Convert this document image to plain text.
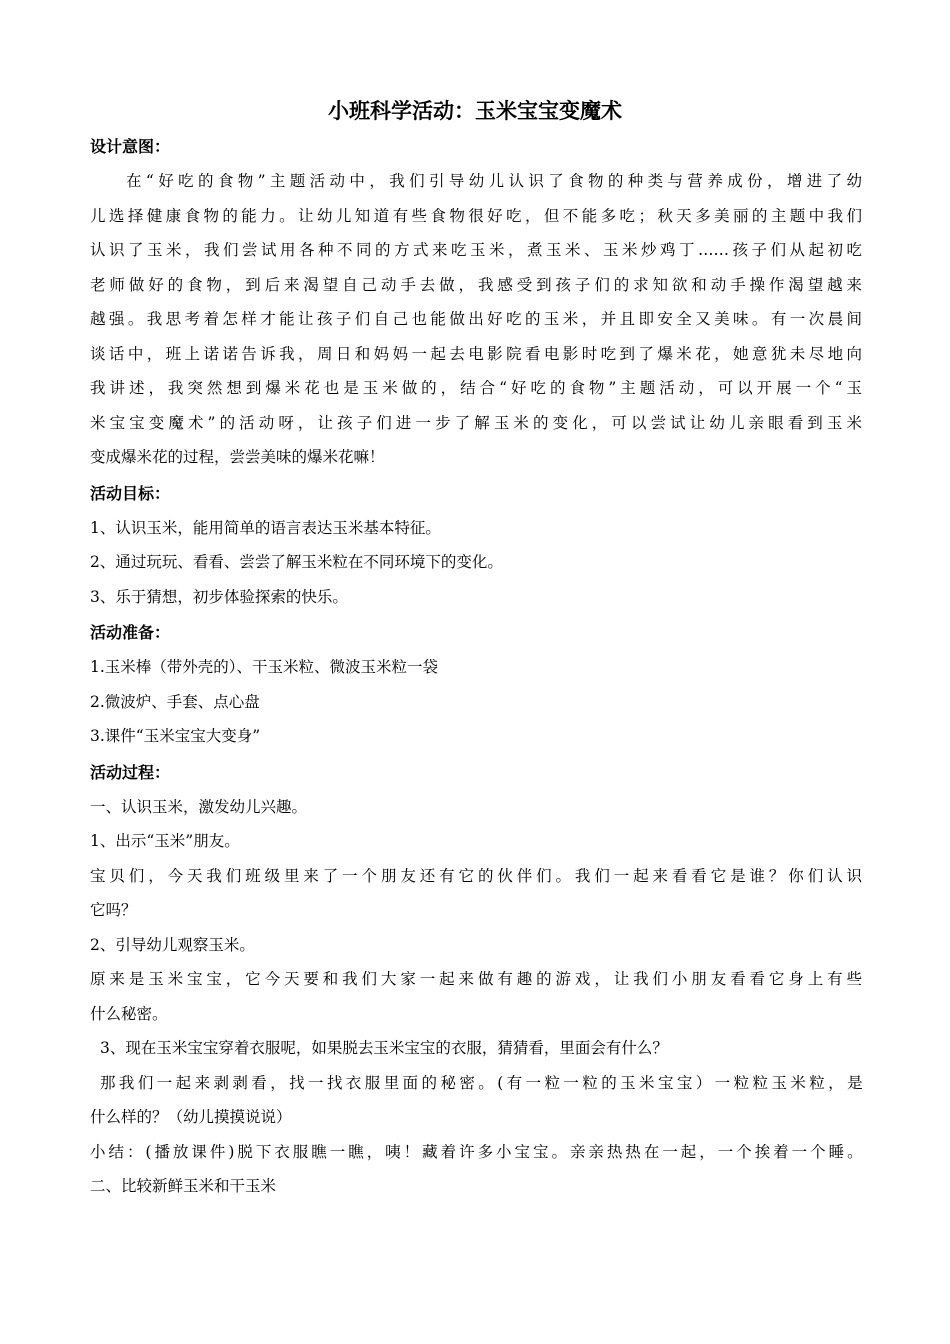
小班科学活动：玉米宝宝变魔术
设计意图：
在“好吃的食物”主题活动中，我们引导幼儿认识了食物的种类与营养成份，增进了幼
儿选择健康食物的能力。让幼儿知道有些食物很好吃，但不能多吃；秋天多美丽的主题中我们
认识了玉米，我们尝试用各种不同的方式来吃玉米，煮玉米、玉米炒鸡丁……孩子们从起初吃
老师做好的食物，到后来渴望自己动手去做，我感受到孩子们的求知欲和动手操作渴望越来
越强。我思考着怎样才能让孩子们自己也能做出好吃的玉米，并且即安全又美味。有一次晨间
谈话中，班上诺诺告诉我，周日和妈妈一起去电影院看电影时吃到了爆米花，她意犹未尽地向
我讲述，我突然想到爆米花也是玉米做的，结合“好吃的食物”主题活动，可以开展一个“玉
米宝宝变魔术”的活动呀，让孩子们进一步了解玉米的变化，可以尝试让幼儿亲眼看到玉米
变成爆米花的过程，尝尝美味的爆米花嘛！
活动目标：
1、认识玉米，能用简单的语言表达玉米基本特征。
2、通过玩玩、看看、尝尝了解玉米粒在不同环境下的变化。
3、乐于猜想，初步体验探索的快乐。
活动准备：
1.玉米棒（带外壳的）、干玉米粒、微波玉米粒一袋
2.微波炉、手套、点心盘
3.课件“玉米宝宝大变身”
活动过程：
一、认识玉米，激发幼儿兴趣。
1、出示“玉米”朋友。
宝贝们，今天我们班级里来了一个朋友还有它的伙伴们。我们一起来看看它是谁？你们认识
它吗？
2、引导幼儿观察玉米。
原来是玉米宝宝，它今天要和我们大家一起来做有趣的游戏，让我们小朋友看看它身上有些
什么秘密。
3、现在玉米宝宝穿着衣服呢，如果脱去玉米宝宝的衣服，猜猜看，里面会有什么？
那我们一起来剥剥看，找一找衣服里面的秘密。(有一粒一粒的玉米宝宝）一粒粒玉米粒，是
什么样的？（幼儿摸摸说说）
小结：(播放课件)脱下衣服瞧一瞧，咦！藏着许多小宝宝。亲亲热热在一起，一个挨着一个睡。
二、比较新鲜玉米和干玉米
